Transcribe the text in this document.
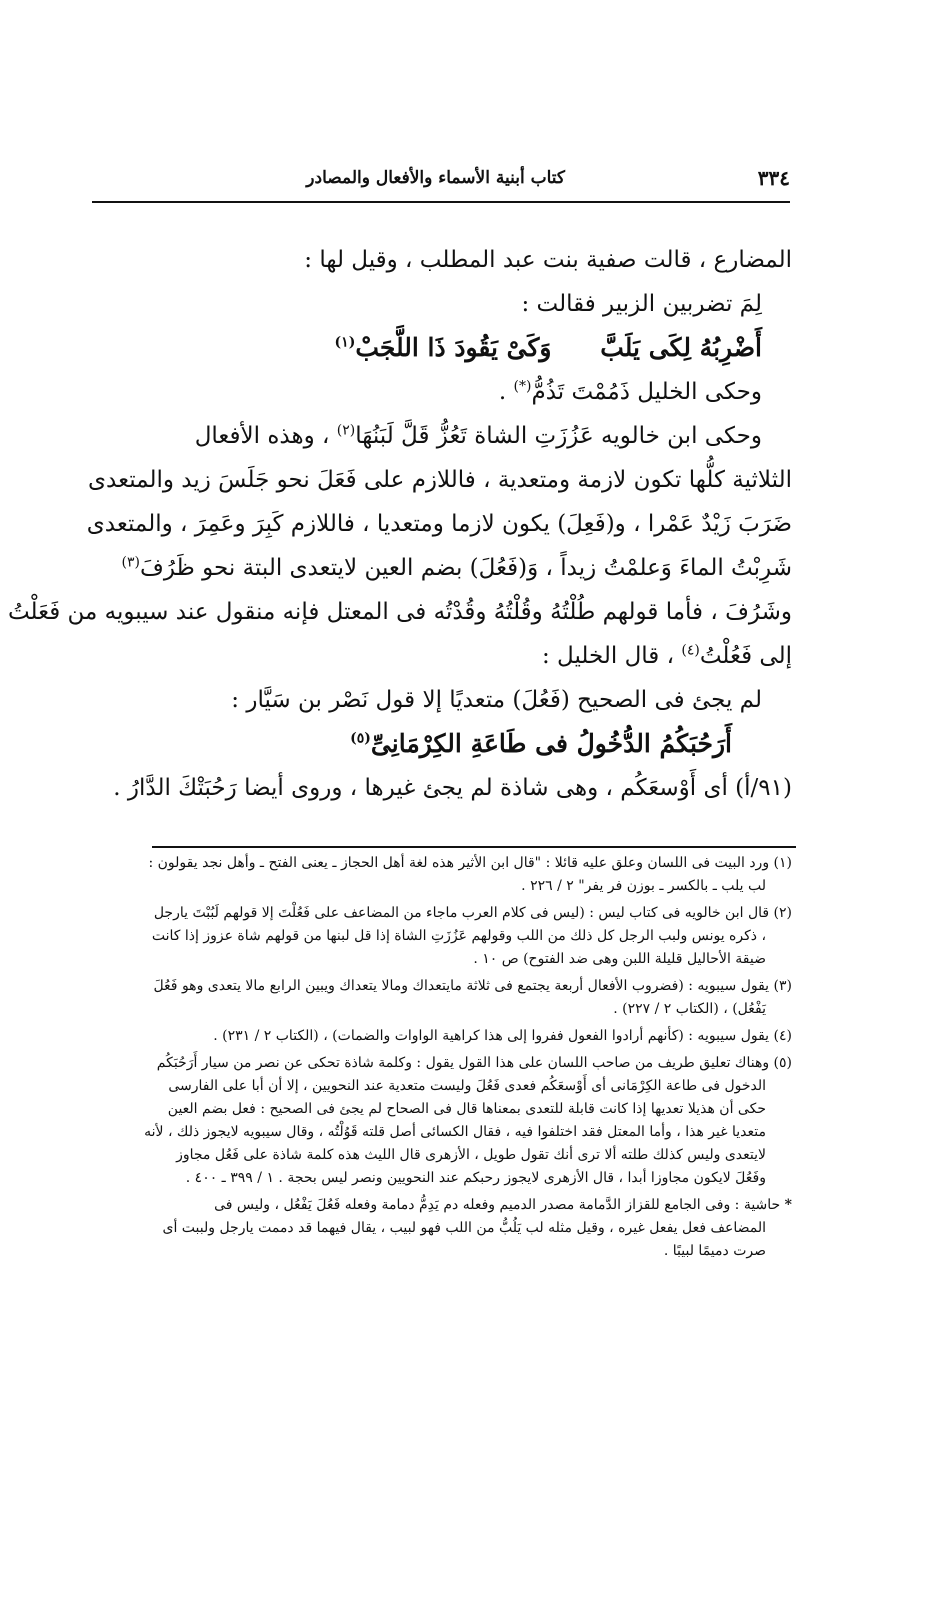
٣٣٤
كتاب أبنية الأسماء والأفعال والمصادر
المضارع ، قالت صفية بنت عبد المطلب ، وقيل لها :
لِمَ تضربين الزبير فقالت :
أَضْرِبُهُ لِكَى يَلَبَّ وَكَىْ يَقُودَ ذَا اللَّجَبْ$^{(١)}$
وحكى الخليل ذَمُمْتَ تَذُمُّ(*) .
وحكى ابن خالويه عَزُزَتِ الشاة تَعُزُّ قَلَّ لَبَنُهَا$^{(٢)}$ ، وهذه الأفعال
الثلاثية كلُّها تكون لازمة ومتعدية ، فاللازم على فَعَلَ نحو جَلَسَ زيد والمتعدى
ضَرَبَ زَيْدٌ عَمْرا ، و(فَعِلَ) يكون لازما ومتعديا ، فاللازم كَبِرَ وعَمِرَ ، والمتعدى
شَرِبْتُ الماءَ وَعلمْتُ زيداً ، وَ(فَعُلَ) بضم العين لايتعدى البتة نحو ظَرُفَ$^{(٣)}$
وشَرُفَ ، فأما قولهم طُلْتُهُ وقُلْتُهُ وقُدْتُه فى المعتل فإنه منقول عند سيبويه من فَعَلْتُ
إلى فَعُلْتُ$^{(٤)}$ ، قال الخليل :
لم يجئ فى الصحيح (فَعُلَ) متعديًا إلا قول نَصْر بن سَيَّار :
أَرَحُبَكُمُ الدُّخُولُ فى طَاعَةِ الكِرْمَانِىِّ$^{(٥)}$
(٩١/أ) أى أَوْسعَكُم ، وهى شاذة لم يجئ غيرها ، وروى أيضا رَحُبَتْكَ الدَّارُ .
(١) ورد البيت فى اللسان وعلق عليه قائلا : "قال ابن الأثير هذه لغة أهل الحجاز ـ يعنى الفتح ـ وأهل نجد يقولون :
لب يلب ـ بالكسر ـ بوزن فر يفر" ٢ / ٢٢٦ .
(٢) قال ابن خالويه فى كتاب ليس : (ليس فى كلام العرب ماجاء من المضاعف على فَعُلْتَ إلا قولهم لَبُبْتَ يارجل
، ذكره يونس ولبب الرجل كل ذلك من اللب وقولهم عَزُزَتِ الشاة إذا قل لبنها من قولهم شاة عزوز إذا كانت
ضيقة الأحاليل قليلة اللبن وهى ضد الفتوح) ص ١٠ .
(٣) يقول سيبويه : (فضروب الأفعال أربعة يجتمع فى ثلاثة مايتعداك ومالا يتعداك ويبين الرابع مالا يتعدى وهو فَعُلَ
يَفْعُل) ، (الكتاب ٢ / ٢٢٧) .
(٤) يقول سيبويه : (كأنهم أرادوا الفعول ففروا إلى هذا كراهية الواوات والضمات) ، (الكتاب ٢ / ٢٣١) .
(٥) وهناك تعليق طريف من صاحب اللسان على هذا القول يقول : وكلمة شاذة تحكى عن نصر من سيار أَرَحُبَكُم
الدخول فى طاعة الكِرْمَانى أى أَوْسعَكُم فعدى فَعُلَ وليست متعدية عند النحويين ، إلا أن أبا على الفارسى
حكى أن هذيلا تعديها إذا كانت قابلة للتعدى بمعناها قال فى الصحاح لم يجئ فى الصحيح : فعل بضم العين
متعديا غير هذا ، وأما المعتل فقد اختلفوا فيه ، فقال الكسائى أصل قلته قَوُلْتُه ، وقال سيبويه لايجوز ذلك ، لأنه
لايتعدى وليس كذلك طلته ألا ترى أنك تقول طويل ، الأزهرى قال الليث هذه كلمة شاذة على فَعُل مجاوز
وفَعُلَ لايكون مجاوزا أبدا ، قال الأزهرى لايجوز رحبكم عند النحويين ونصر ليس بحجة . ١ / ٣٩٩ ـ ٤٠٠ .
* حاشية : وفى الجامع للقزاز الدَّمامة مصدر الدميم وفعله دم يَدِمُّ دمامة وفعله فَعُلَ يَفْعُل ، وليس فى
المضاعف فعل يفعل غيره ، وقيل مثله لب يَلُبُّ من اللب فهو لبيب ، يقال فيهما قد دممت يارجل ولببت أى
صرت دميمًا لبيبًا .
